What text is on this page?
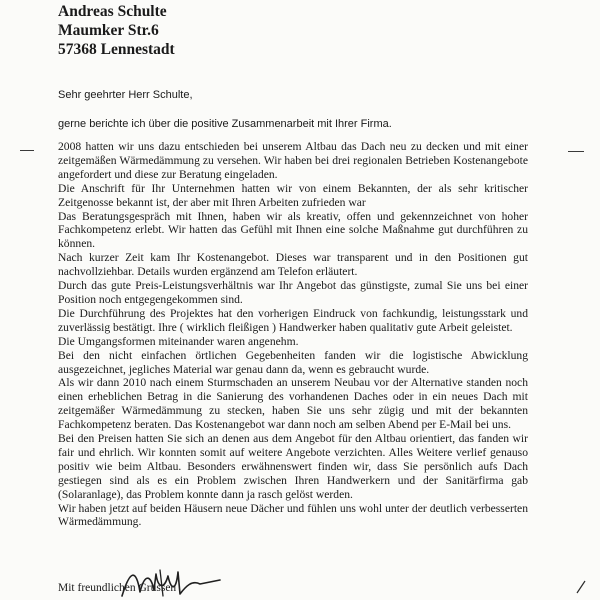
Andreas Schulte
Maumker Str.6
57368 Lennestadt
Sehr geehrter Herr Schulte,
gerne berichte ich über die positive Zusammenarbeit mit Ihrer Firma.
2008 hatten wir uns dazu entschieden bei unserem Altbau das Dach neu zu decken und mit einer zeitgemäßen Wärmedämmung zu versehen. Wir haben bei drei regionalen Betrieben Kostenangebote angefordert und diese zur Beratung eingeladen.
Die Anschrift für Ihr Unternehmen hatten wir von einem Bekannten, der als sehr kritischer Zeitgenosse bekannt ist, der aber mit Ihren Arbeiten zufrieden war
Das Beratungsgespräch mit Ihnen, haben wir als kreativ, offen und gekennzeichnet von hoher Fachkompetenz erlebt. Wir hatten das Gefühl mit Ihnen eine solche Maßnahme gut durchführen zu können.
Nach kurzer Zeit kam Ihr Kostenangebot. Dieses war transparent und in den Positionen gut nachvollziehbar. Details wurden ergänzend am Telefon erläutert.
Durch das gute Preis-Leistungsverhältnis war Ihr Angebot das günstigste, zumal Sie uns bei einer Position noch entgegengekommen sind.
Die Durchführung des Projektes hat den vorherigen Eindruck von fachkundig, leistungsstark und zuverlässig bestätigt. Ihre ( wirklich fleißigen ) Handwerker haben qualitativ gute Arbeit geleistet.
Die Umgangsformen miteinander waren angenehm.
Bei den nicht einfachen örtlichen Gegebenheiten fanden wir die logistische Abwicklung ausgezeichnet, jegliches Material war genau dann da, wenn es gebraucht wurde.
Als wir dann 2010 nach einem Sturmschaden an unserem Neubau vor der Alternative standen noch einen erheblichen Betrag in die Sanierung des vorhandenen Daches oder in ein neues Dach mit zeitgemäßer Wärmedämmung zu stecken, haben Sie uns sehr zügig und mit der bekannten Fachkompetenz beraten. Das Kostenangebot war dann noch am selben Abend per E-Mail bei uns.
Bei den Preisen hatten Sie sich an denen aus dem Angebot für den Altbau orientiert, das fanden wir fair und ehrlich. Wir konnten somit auf weitere Angebote verzichten. Alles Weitere verlief genauso positiv wie beim Altbau. Besonders erwähnenswert finden wir, dass Sie persönlich aufs Dach gestiegen sind als es ein Problem zwischen Ihren Handwerkern und der Sanitärfirma gab (Solaranlage), das Problem konnte dann ja rasch gelöst werden.
Wir haben jetzt auf beiden Häusern neue Dächer und fühlen uns wohl unter der deutlich verbesserten Wärmedämmung.
Mit freundlichen Grüssen
